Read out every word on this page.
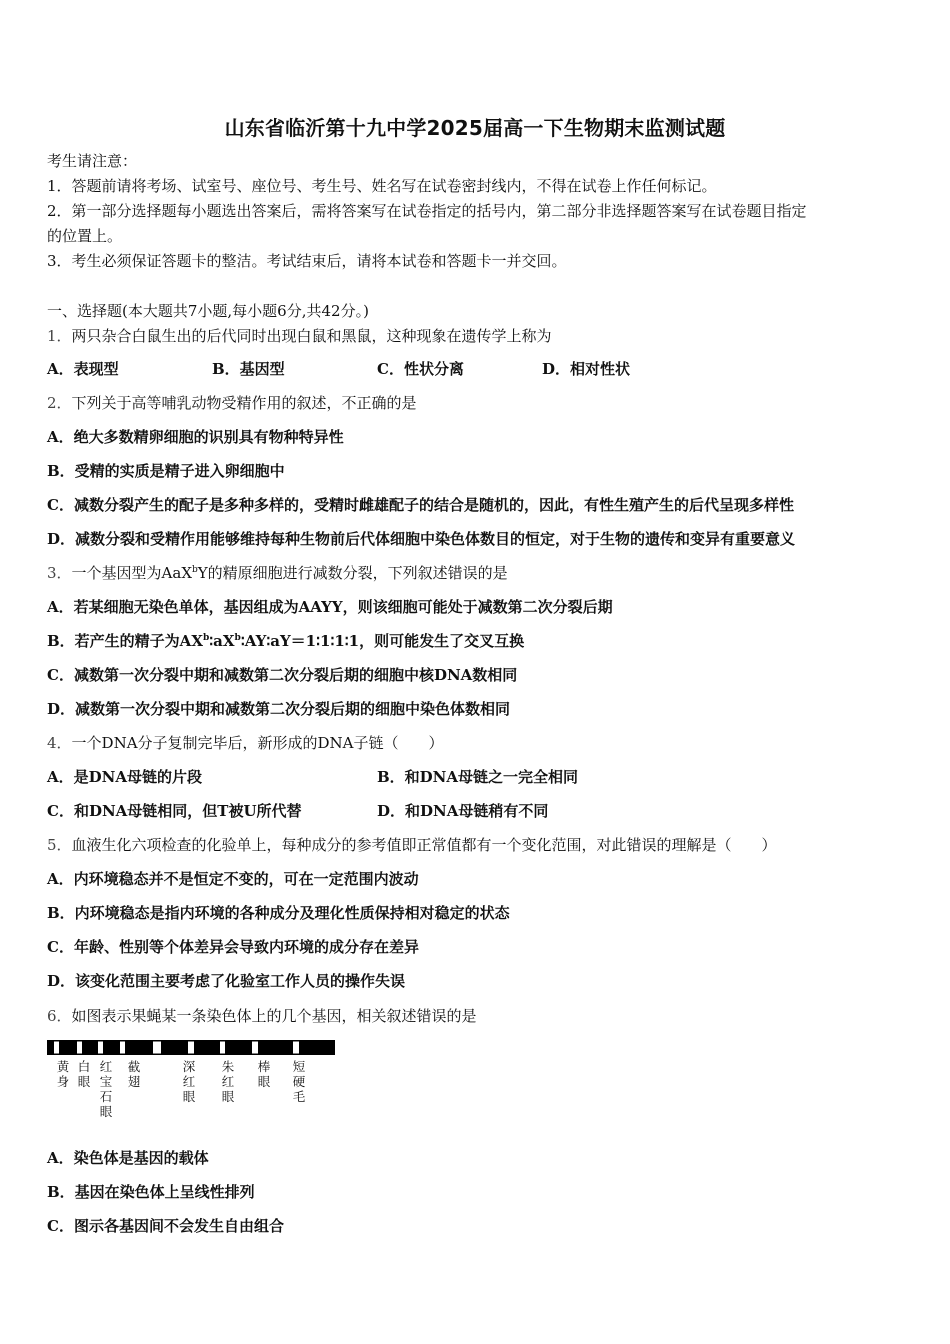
山东省临沂第十九中学2025届高一下生物期末监测试题
考生请注意：
1．答题前请将考场、试室号、座位号、考生号、姓名写在试卷密封线内，不得在试卷上作任何标记。
2．第一部分选择题每小题选出答案后，需将答案写在试卷指定的括号内，第二部分非选择题答案写在试卷题目指定
的位置上。
3．考生必须保证答题卡的整洁。考试结束后，请将本试卷和答题卡一并交回。
一、选择题(本大题共7小题,每小题6分,共42分。)
1．两只杂合白鼠生出的后代同时出现白鼠和黑鼠，这种现象在遗传学上称为
A．表现型	B．基因型	C．性状分离	D．相对性状
2．下列关于高等哺乳动物受精作用的叙述，不正确的是
A．绝大多数精卵细胞的识别具有物种特异性
B．受精的实质是精子进入卵细胞中
C．减数分裂产生的配子是多种多样的，受精时雌雄配子的结合是随机的，因此，有性生殖产生的后代呈现多样性
D．减数分裂和受精作用能够维持每种生物前后代体细胞中染色体数目的恒定，对于生物的遗传和变异有重要意义
3．一个基因型为AaX$^b$Y的精原细胞进行减数分裂，下列叙述错误的是
A．若某细胞无染色单体，基因组成为AAYY，则该细胞可能处于减数第二次分裂后期
B．若产生的精子为$AX^b∶aX^b∶AY∶aY=1∶1∶1∶1$，则可能发生了交叉互换
C．减数第一次分裂中期和减数第二次分裂后期的细胞中核DNA数相同
D．减数第一次分裂中期和减数第二次分裂后期的细胞中染色体数相同
4．一个DNA分子复制完毕后，新形成的DNA子链（　　）
A．是DNA母链的片段	B．和DNA母链之一完全相同
C．和DNA母链相同，但T被U所代替	D．和DNA母链稍有不同
5．血液生化六项检查的化验单上，每种成分的参考值即正常值都有一个变化范围，对此错误的理解是（　　）
A．内环境稳态并不是恒定不变的，可在一定范围内波动
B．内环境稳态是指内环境的各种成分及理化性质保持相对稳定的状态
C．年龄、性别等个体差异会导致内环境的成分存在差异
D．该变化范围主要考虑了化验室工作人员的操作失误
6．如图表示果蝇某一条染色体上的几个基因，相关叙述错误的是
黄身
白眼
红宝石眼
截翅
深红眼
朱红眼
棒眼
短硬毛
A．染色体是基因的载体
B．基因在染色体上呈线性排列
C．图示各基因间不会发生自由组合
